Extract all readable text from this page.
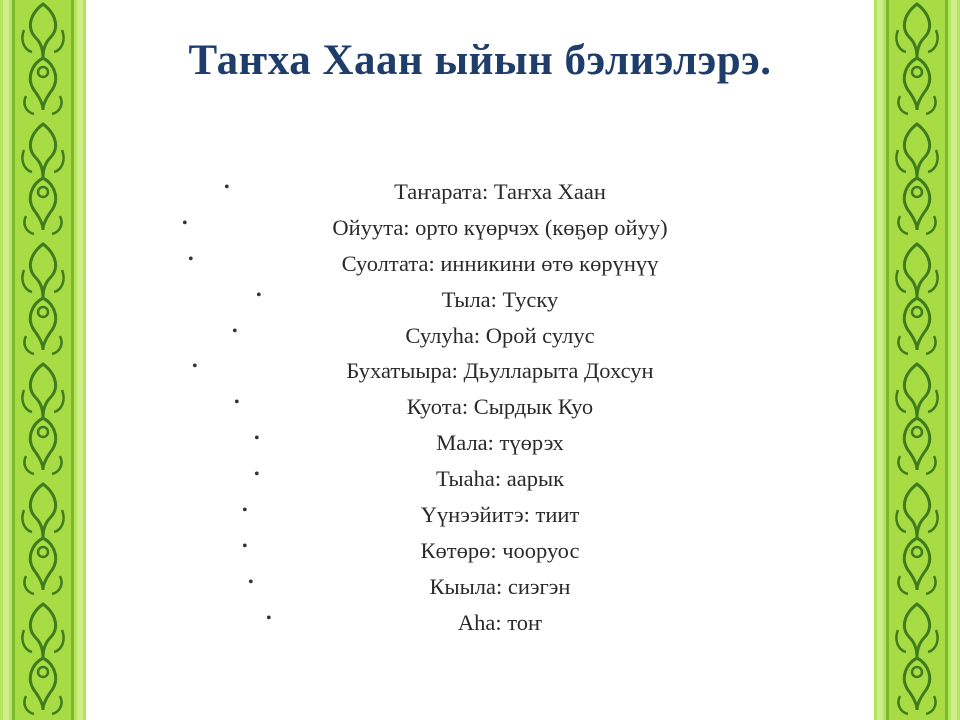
Таҥха Хаан ыйын бэлиэлэрэ.
•	Таҥарата: Таҥха Хаан
•	Ойуута: орто күөрчэх (көҕөр ойуу)
•	Суолтата: инникини өтө көрүнүү
•	Тыла: Туску
•	Сулуһа: Орой сулус
•	Бухатыыра: Дьулларыта Дохсун
•	Куота: Сырдык Куо
•	Мала: түөрэх
•	Тыаһа: аарык
•	Үүнээйитэ: тиит
•	Көтөрө: чооруос
•	Кыыла: сиэгэн
•	Аһа: тоҥ
